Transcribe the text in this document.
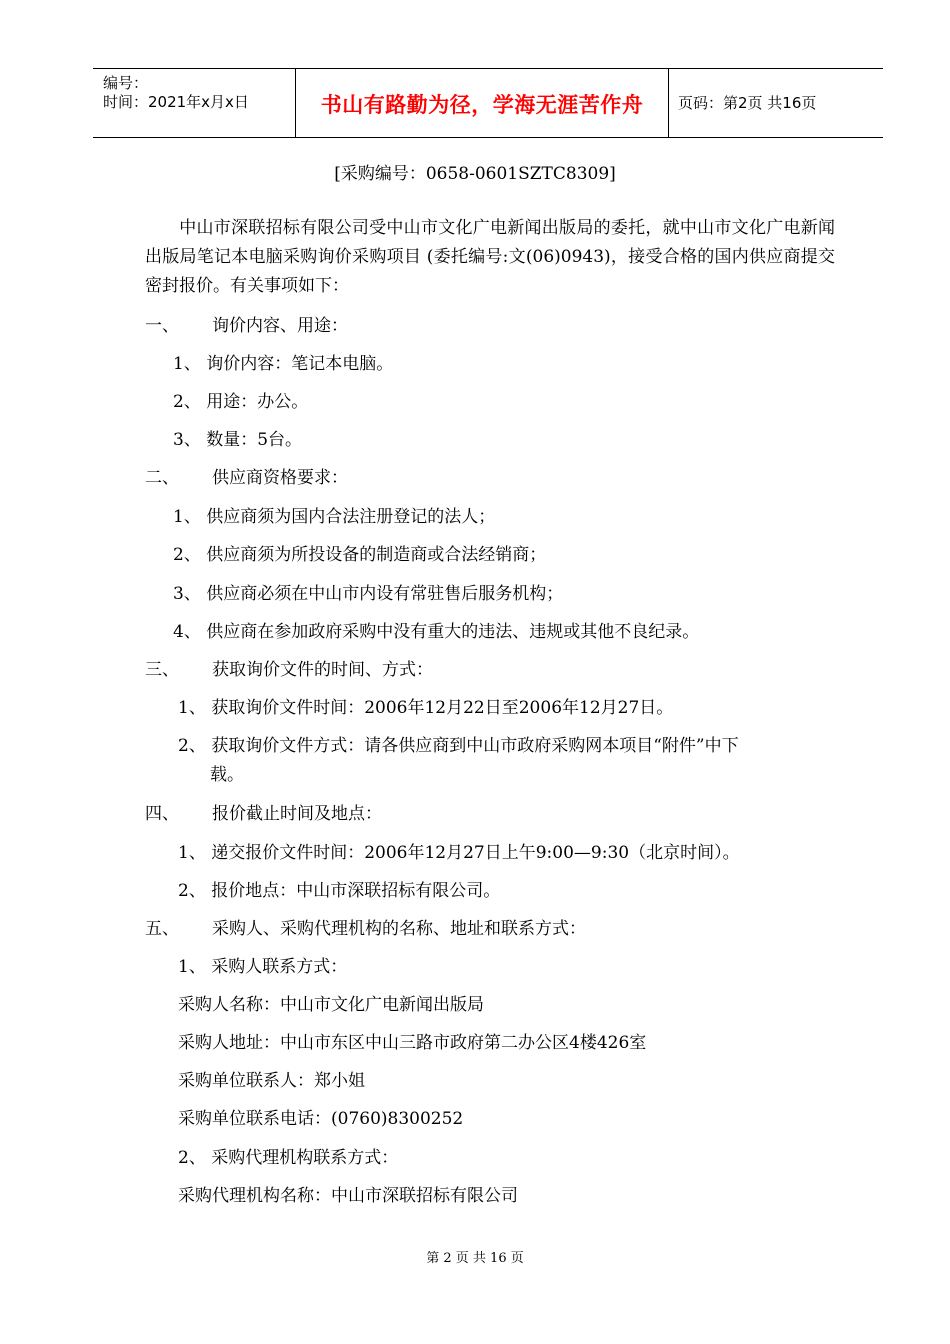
编号：
时间：2021年x月x日	书山有路勤为径，学海无涯苦作舟	页码：第2页 共16页
[采购编号：0658-0601SZTC8309]
中山市深联招标有限公司受中山市文化广电新闻出版局的委托，就中山市文化广电新闻出版局笔记本电脑采购询价采购项目 (委托编号:文(06)0943)，接受合格的国内供应商提交密封报价。有关事项如下：
一、 询价内容、用途：
1、 询价内容：笔记本电脑。
2、 用途：办公。
3、 数量：5台。
二、 供应商资格要求：
1、 供应商须为国内合法注册登记的法人；
2、 供应商须为所投设备的制造商或合法经销商；
3、 供应商必须在中山市内设有常驻售后服务机构；
4、 供应商在参加政府采购中没有重大的违法、违规或其他不良纪录。
三、 获取询价文件的时间、方式：
1、 获取询价文件时间：2006年12月22日至2006年12月27日。
2、 获取询价文件方式：请各供应商到中山市政府采购网本项目“附件”中下
载。
四、 报价截止时间及地点：
1、 递交报价文件时间：2006年12月27日上午9:00—9:30（北京时间）。
2、 报价地点：中山市深联招标有限公司。
五、 采购人、采购代理机构的名称、地址和联系方式：
1、 采购人联系方式：
采购人名称：中山市文化广电新闻出版局
采购人地址：中山市东区中山三路市政府第二办公区4楼426室
采购单位联系人：郑小姐
采购单位联系电话：(0760)8300252
2、 采购代理机构联系方式：
采购代理机构名称：中山市深联招标有限公司
第 2 页 共 16 页
